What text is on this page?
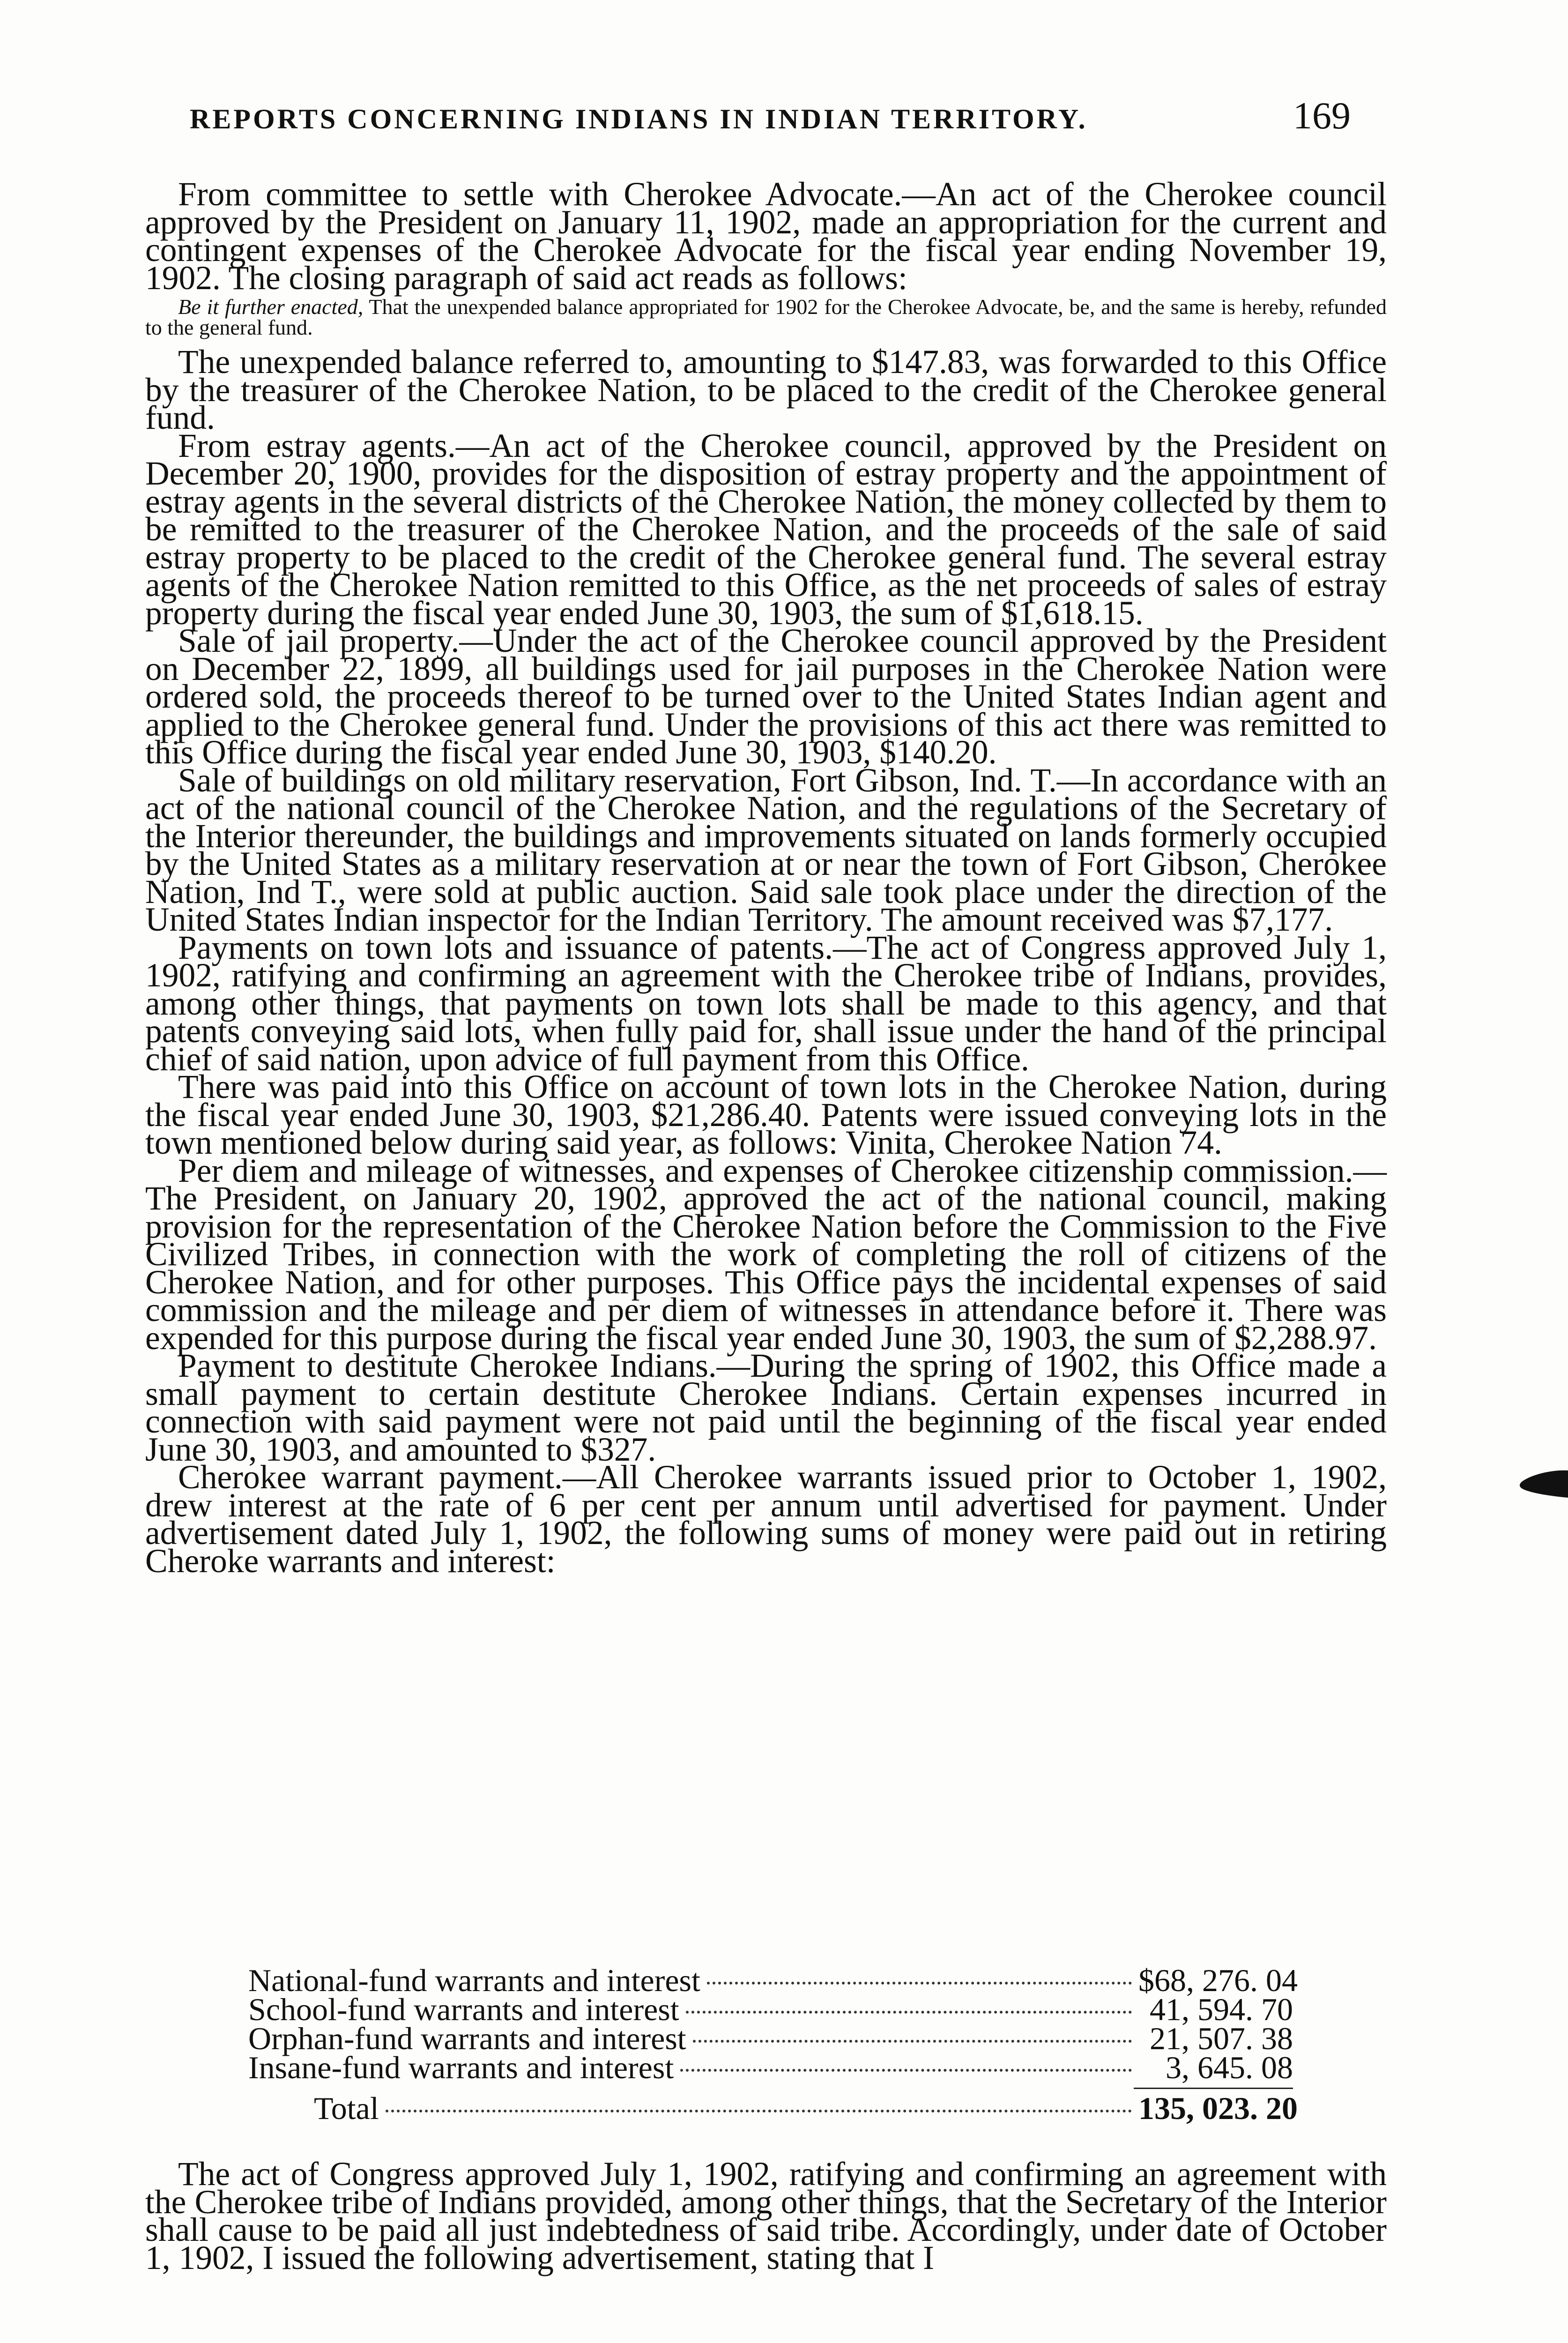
REPORTS CONCERNING INDIANS IN INDIAN TERRITORY.	169

From committee to settle with Cherokee Advocate.—An act of the Cherokee council approved by the President on January 11, 1902, made an appropriation for the current and contingent expenses of the Cherokee Advocate for the fiscal year ending November 19, 1902. The closing paragraph of said act reads as follows:

Be it further enacted, That the unexpended balance appropriated for 1902 for the Cherokee Advocate, be, and the same is hereby, refunded to the general fund.

The unexpended balance referred to, amounting to $147.83, was forwarded to this Office by the treasurer of the Cherokee Nation, to be placed to the credit of the Cherokee general fund.

From estray agents.—An act of the Cherokee council, approved by the President on December 20, 1900, provides for the disposition of estray property and the appointment of estray agents in the several districts of the Cherokee Nation, the money collected by them to be remitted to the treasurer of the Cherokee Nation, and the proceeds of the sale of said estray property to be placed to the credit of the Cherokee general fund. The several estray agents of the Cherokee Nation remitted to this Office, as the net proceeds of sales of estray property during the fiscal year ended June 30, 1903, the sum of $1,618.15.

Sale of jail property.—Under the act of the Cherokee council approved by the President on December 22, 1899, all buildings used for jail purposes in the Cherokee Nation were ordered sold, the proceeds thereof to be turned over to the United States Indian agent and applied to the Cherokee general fund. Under the provisions of this act there was remitted to this Office during the fiscal year ended June 30, 1903, $140.20.

Sale of buildings on old military reservation, Fort Gibson, Ind. T.—In accordance with an act of the national council of the Cherokee Nation, and the regulations of the Secretary of the Interior thereunder, the buildings and improvements situated on lands formerly occupied by the United States as a military reservation at or near the town of Fort Gibson, Cherokee Nation, Ind T., were sold at public auction. Said sale took place under the direction of the United States Indian inspector for the Indian Territory. The amount received was $7,177.

Payments on town lots and issuance of patents.—The act of Congress approved July 1, 1902, ratifying and confirming an agreement with the Cherokee tribe of Indians, provides, among other things, that payments on town lots shall be made to this agency, and that patents conveying said lots, when fully paid for, shall issue under the hand of the principal chief of said nation, upon advice of full payment from this Office.

There was paid into this Office on account of town lots in the Cherokee Nation, during the fiscal year ended June 30, 1903, $21,286.40. Patents were issued conveying lots in the town mentioned below during said year, as follows: Vinita, Cherokee Nation 74.

Per diem and mileage of witnesses, and expenses of Cherokee citizenship commission.—The President, on January 20, 1902, approved the act of the national council, making provision for the representation of the Cherokee Nation before the Commission to the Five Civilized Tribes, in connection with the work of completing the roll of citizens of the Cherokee Nation, and for other purposes. This Office pays the incidental expenses of said commission and the mileage and per diem of witnesses in attendance before it. There was expended for this purpose during the fiscal year ended June 30, 1903, the sum of $2,288.97.

Payment to destitute Cherokee Indians.—During the spring of 1902, this Office made a small payment to certain destitute Cherokee Indians. Certain expenses incurred in connection with said payment were not paid until the beginning of the fiscal year ended June 30, 1903, and amounted to $327.

Cherokee warrant payment.—All Cherokee warrants issued prior to October 1, 1902, drew interest at the rate of 6 per cent per annum until advertised for payment. Under advertisement dated July 1, 1902, the following sums of money were paid out in retiring Cheroke warrants and interest:

National-fund warrants and interest	$68, 276. 04
School-fund warrants and interest	41, 594. 70
Orphan-fund warrants and interest	21, 507. 38
Insane-fund warrants and interest	3, 645. 08
Total	135, 023. 20

The act of Congress approved July 1, 1902, ratifying and confirming an agreement with the Cherokee tribe of Indians provided, among other things, that the Secretary of the Interior shall cause to be paid all just indebtedness of said tribe. Accordingly, under date of October 1, 1902, I issued the following advertisement, stating that I
